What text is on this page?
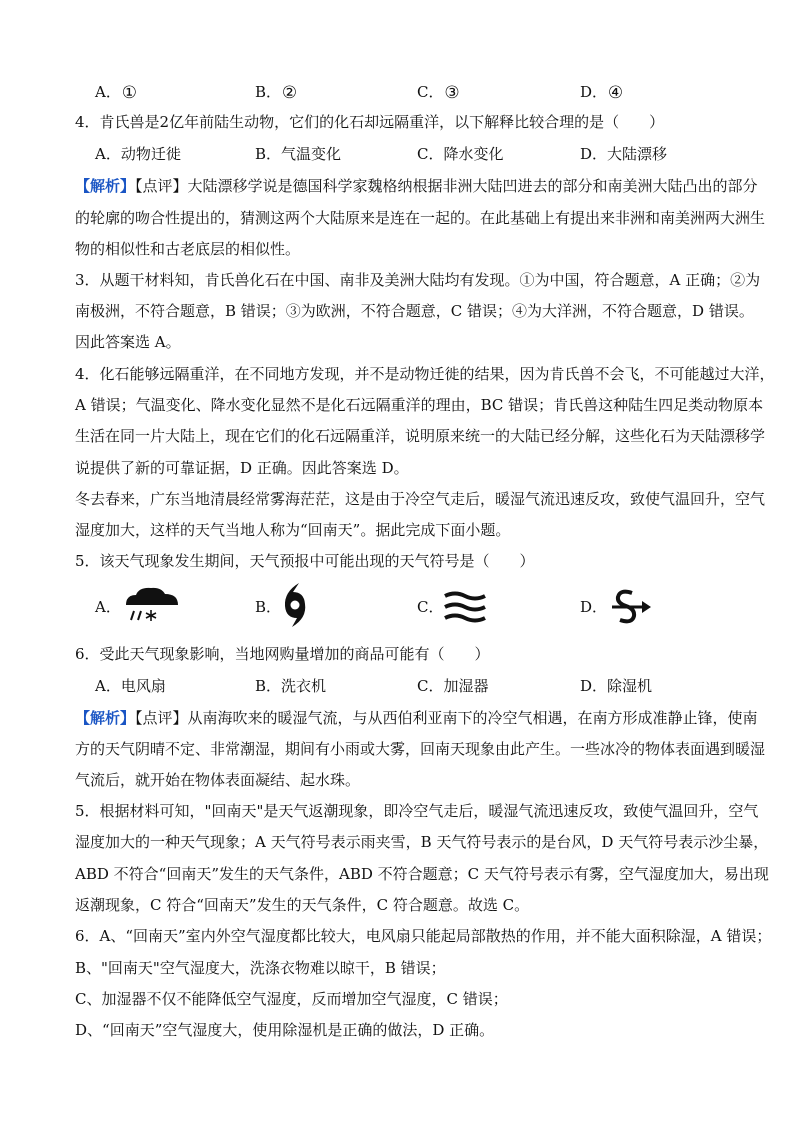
A．①	B．②	C．③	D．④
4．肯氏兽是2亿年前陆生动物，它们的化石却远隔重洋，以下解释比较合理的是（　　）
A．动物迁徙	B．气温变化	C．降水变化	D．大陆漂移
【解析】【点评】大陆漂移学说是德国科学家魏格纳根据非洲大陆凹进去的部分和南美洲大陆凸出的部分
的轮廓的吻合性提出的，猜测这两个大陆原来是连在一起的。在此基础上有提出来非洲和南美洲两大洲生
物的相似性和古老底层的相似性。
3．从题干材料知，肯氏兽化石在中国、南非及美洲大陆均有发现。①为中国，符合题意，A 正确；②为
南极洲，不符合题意，B 错误；③为欧洲，不符合题意，C 错误；④为大洋洲，不符合题意，D 错误。
因此答案选 A。
4．化石能够远隔重洋，在不同地方发现，并不是动物迁徙的结果，因为肯氏兽不会飞，不可能越过大洋，
A 错误；气温变化、降水变化显然不是化石远隔重洋的理由，BC 错误；肯氏兽这种陆生四足类动物原本
生活在同一片大陆上，现在它们的化石远隔重洋，说明原来统一的大陆已经分解，这些化石为天陆漂移学
说提供了新的可靠证据，D 正确。因此答案选 D。
冬去春来，广东当地清晨经常雾海茫茫，这是由于冷空气走后，暖湿气流迅速反攻，致使气温回升，空气
湿度加大，这样的天气当地人称为“回南天”。据此完成下面小题。
5．该天气现象发生期间，天气预报中可能出现的天气符号是（　　）
A．	B．	C．	D．
6．受此天气现象影响，当地网购量增加的商品可能有（　　）
A．电风扇	B．洗衣机	C．加湿器	D．除湿机
【解析】【点评】从南海吹来的暖湿气流，与从西伯利亚南下的冷空气相遇，在南方形成准静止锋，使南
方的天气阴晴不定、非常潮湿，期间有小雨或大雾，回南天现象由此产生。一些冰冷的物体表面遇到暖湿
气流后，就开始在物体表面凝结、起水珠。
5．根据材料可知，"回南天"是天气返潮现象，即冷空气走后，暖湿气流迅速反攻，致使气温回升，空气
湿度加大的一种天气现象；A 天气符号表示雨夹雪，B 天气符号表示的是台风，D 天气符号表示沙尘暴，
ABD 不符合“回南天”发生的天气条件，ABD 不符合题意；C 天气符号表示有雾，空气湿度加大，易出现
返潮现象，C 符合“回南天”发生的天气条件，C 符合题意。故选 C。
6．A、“回南天”室内外空气湿度都比较大，电风扇只能起局部散热的作用，并不能大面积除湿，A 错误；
B、"回南天"空气湿度大，洗涤衣物难以晾干，B 错误；
C、加湿器不仅不能降低空气湿度，反而增加空气湿度，C 错误；
D、“回南天”空气湿度大，使用除湿机是正确的做法，D 正确。
